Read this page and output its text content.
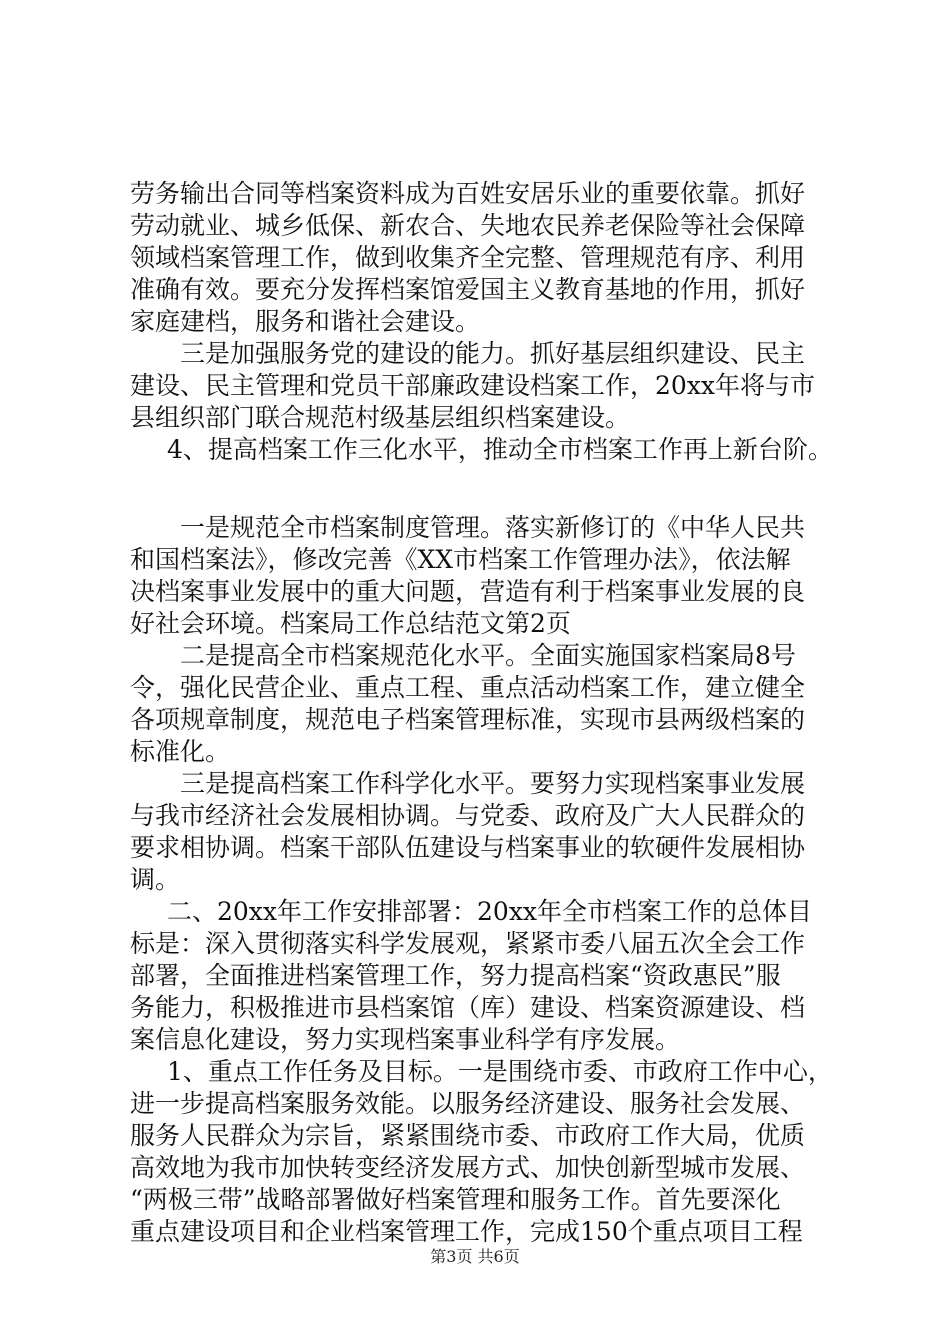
劳务输出合同等档案资料成为百姓安居乐业的重要依靠。抓好
劳动就业、城乡低保、新农合、失地农民养老保险等社会保障
领域档案管理工作，做到收集齐全完整、管理规范有序、利用
准确有效。要充分发挥档案馆爱国主义教育基地的作用，抓好
家庭建档，服务和谐社会建设。
三是加强服务党的建设的能力。抓好基层组织建设、民主
建设、民主管理和党员干部廉政建设档案工作，20xx年将与市
县组织部门联合规范村级基层组织档案建设。
4、提高档案工作三化水平，推动全市档案工作再上新台阶。
一是规范全市档案制度管理。落实新修订的《中华人民共
和国档案法》，修改完善《XX市档案工作管理办法》，依法解
决档案事业发展中的重大问题，营造有利于档案事业发展的良
好社会环境。档案局工作总结范文第2页
二是提高全市档案规范化水平。全面实施国家档案局8号
令，强化民营企业、重点工程、重点活动档案工作，建立健全
各项规章制度，规范电子档案管理标准，实现市县两级档案的
标准化。
三是提高档案工作科学化水平。要努力实现档案事业发展
与我市经济社会发展相协调。与党委、政府及广大人民群众的
要求相协调。档案干部队伍建设与档案事业的软硬件发展相协
调。
二、20xx年工作安排部署：20xx年全市档案工作的总体目
标是：深入贯彻落实科学发展观，紧紧市委八届五次全会工作
部署，全面推进档案管理工作，努力提高档案“资政惠民”服
务能力，积极推进市县档案馆（库）建设、档案资源建设、档
案信息化建设，努力实现档案事业科学有序发展。
1、重点工作任务及目标。一是围绕市委、市政府工作中心，
进一步提高档案服务效能。以服务经济建设、服务社会发展、
服务人民群众为宗旨，紧紧围绕市委、市政府工作大局，优质
高效地为我市加快转变经济发展方式、加快创新型城市发展、
“两极三带”战略部署做好档案管理和服务工作。首先要深化
重点建设项目和企业档案管理工作，完成150个重点项目工程
第3页 共6页
